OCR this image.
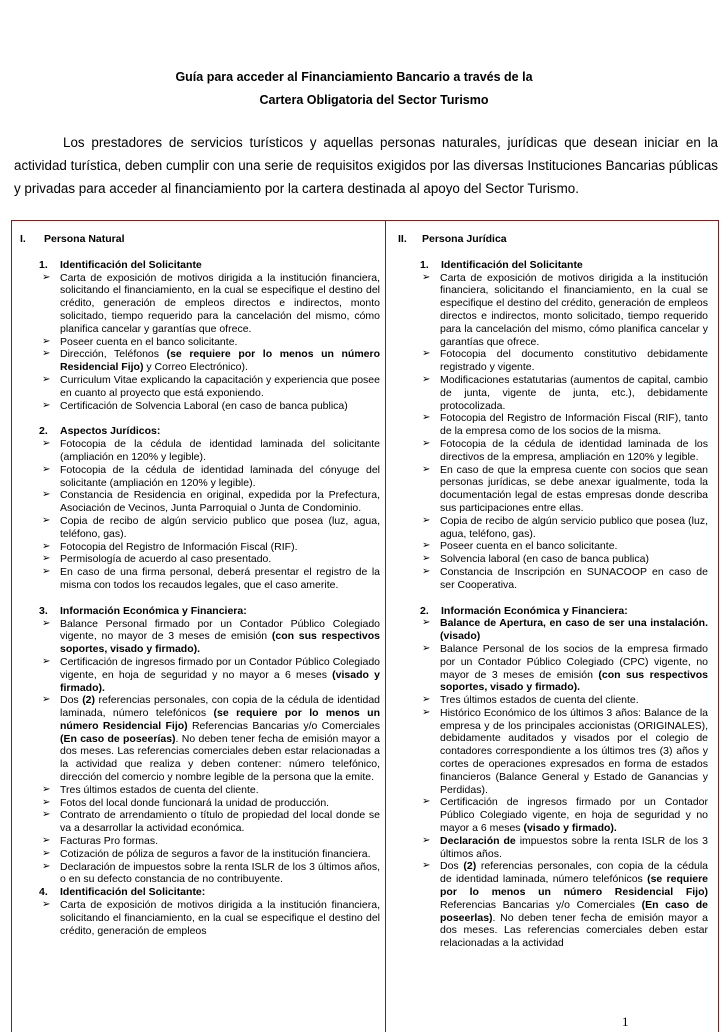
Guía para acceder al Financiamiento Bancario a través de la
Cartera Obligatoria del Sector Turismo
Los prestadores de servicios turísticos y aquellas personas naturales, jurídicas que desean iniciar en la actividad turística, deben cumplir con una serie de requisitos exigidos por las diversas Instituciones Bancarias públicas y privadas para acceder al financiamiento por la cartera destinada al apoyo del Sector Turismo.
I. Persona Natural
1. Identificación del Solicitante
➢ Carta de exposición de motivos dirigida a la institución financiera, solicitando el financiamiento, en la cual se especifique el destino del crédito, generación de empleos directos e indirectos, monto solicitado, tiempo requerido para la cancelación del mismo, cómo planifica cancelar y garantías que ofrece.
➢ Poseer cuenta en el banco solicitante.
➢ Dirección, Teléfonos (se requiere por lo menos un número Residencial Fijo) y Correo Electrónico).
➢ Curriculum Vitae explicando la capacitación y experiencia que posee en cuanto al proyecto que está exponiendo.
➢ Certificación de Solvencia Laboral (en caso de banca publica)
2. Aspectos Jurídicos:
➢ Fotocopia de la cédula de identidad laminada del solicitante (ampliación en 120% y legible).
➢ Fotocopia de la cédula de identidad laminada del cónyuge del solicitante (ampliación en 120% y legible).
➢ Constancia de Residencia en original, expedida por la Prefectura, Asociación de Vecinos, Junta Parroquial o Junta de Condominio.
➢ Copia de recibo de algún servicio publico que posea (luz, agua, teléfono, gas).
➢ Fotocopia del Registro de Información Fiscal (RIF).
➢ Permisología de acuerdo al caso presentado.
➢ En caso de una firma personal, deberá presentar el registro de la misma con todos los recaudos legales, que el caso amerite.
3. Información Económica y Financiera:
➢ Balance Personal firmado por un Contador Público Colegiado vigente, no mayor de 3 meses de emisión (con sus respectivos soportes, visado y firmado).
➢ Certificación de ingresos firmado por un Contador Público Colegiado vigente, en hoja de seguridad y no mayor a 6 meses (visado y firmado).
➢ Dos (2) referencias personales, con copia de la cédula de identidad laminada, número telefónicos (se requiere por lo menos un número Residencial Fijo) Referencias Bancarias y/o Comerciales (En caso de poseerías). No deben tener fecha de emisión mayor a dos meses. Las referencias comerciales deben estar relacionadas a la actividad que realiza y deben contener: número telefónico, dirección del comercio y nombre legible de la persona que la emite.
➢ Tres últimos estados de cuenta del cliente.
➢ Fotos del local donde funcionará la unidad de producción.
➢ Contrato de arrendamiento o título de propiedad del local donde se va a desarrollar la actividad económica.
➢ Facturas Pro formas.
➢ Cotización de póliza de seguros a favor de la institución financiera.
➢ Declaración de impuestos sobre la renta ISLR de los 3 últimos años, o en su defecto constancia de no contribuyente.
4. Identificación del Solicitante:
➢ Carta de exposición de motivos dirigida a la institución financiera, solicitando el financiamiento, en la cual se especifique el destino del crédito, generación de empleos
II. Persona Jurídica
1. Identificación del Solicitante
➢ Carta de exposición de motivos dirigida a la institución financiera, solicitando el financiamiento, en la cual se especifique el destino del crédito, generación de empleos directos e indirectos, monto solicitado, tiempo requerido para la cancelación del mismo, cómo planifica cancelar y garantías que ofrece.
➢ Fotocopia del documento constitutivo debidamente registrado y vigente.
➢ Modificaciones estatutarias (aumentos de capital, cambio de junta, vigente de junta, etc.), debidamente protocolizada.
➢ Fotocopia del Registro de Información Fiscal (RIF), tanto de la empresa como de los socios de la misma.
➢ Fotocopia de la cédula de identidad laminada de los directivos de la empresa, ampliación en 120% y legible.
➢ En caso de que la empresa cuente con socios que sean personas jurídicas, se debe anexar igualmente, toda la documentación legal de estas empresas donde describa sus participaciones entre ellas.
➢ Copia de recibo de algún servicio publico que posea (luz, agua, teléfono, gas).
➢ Poseer cuenta en el banco solicitante.
➢ Solvencia laboral (en caso de banca publica)
➢ Constancia de Inscripción en SUNACOOP en caso de ser Cooperativa.
2. Información Económica y Financiera:
➢ Balance de Apertura, en caso de ser una instalación. (visado)
➢ Balance Personal de los socios de la empresa firmado por un Contador Público Colegiado (CPC) vigente, no mayor de 3 meses de emisión (con sus respectivos soportes, visado y firmado).
➢ Tres últimos estados de cuenta del cliente.
➢ Histórico Económico de los últimos 3 años: Balance de la empresa y de los principales accionistas (ORIGINALES), debidamente auditados y visados por el colegio de contadores correspondiente a los últimos tres (3) años y cortes de operaciones expresados en forma de estados financieros (Balance General y Estado de Ganancias y Perdidas).
➢ Certificación de ingresos firmado por un Contador Público Colegiado vigente, en hoja de seguridad y no mayor a 6 meses (visado y firmado).
➢ Declaración de impuestos sobre la renta ISLR de los 3 últimos años.
➢ Dos (2) referencias personales, con copia de la cédula de identidad laminada, número telefónicos (se requiere por lo menos un número Residencial Fijo) Referencias Bancarias y/o Comerciales (En caso de poseerlas). No deben tener fecha de emisión mayor a dos meses. Las referencias comerciales deben estar relacionadas a la actividad
1
